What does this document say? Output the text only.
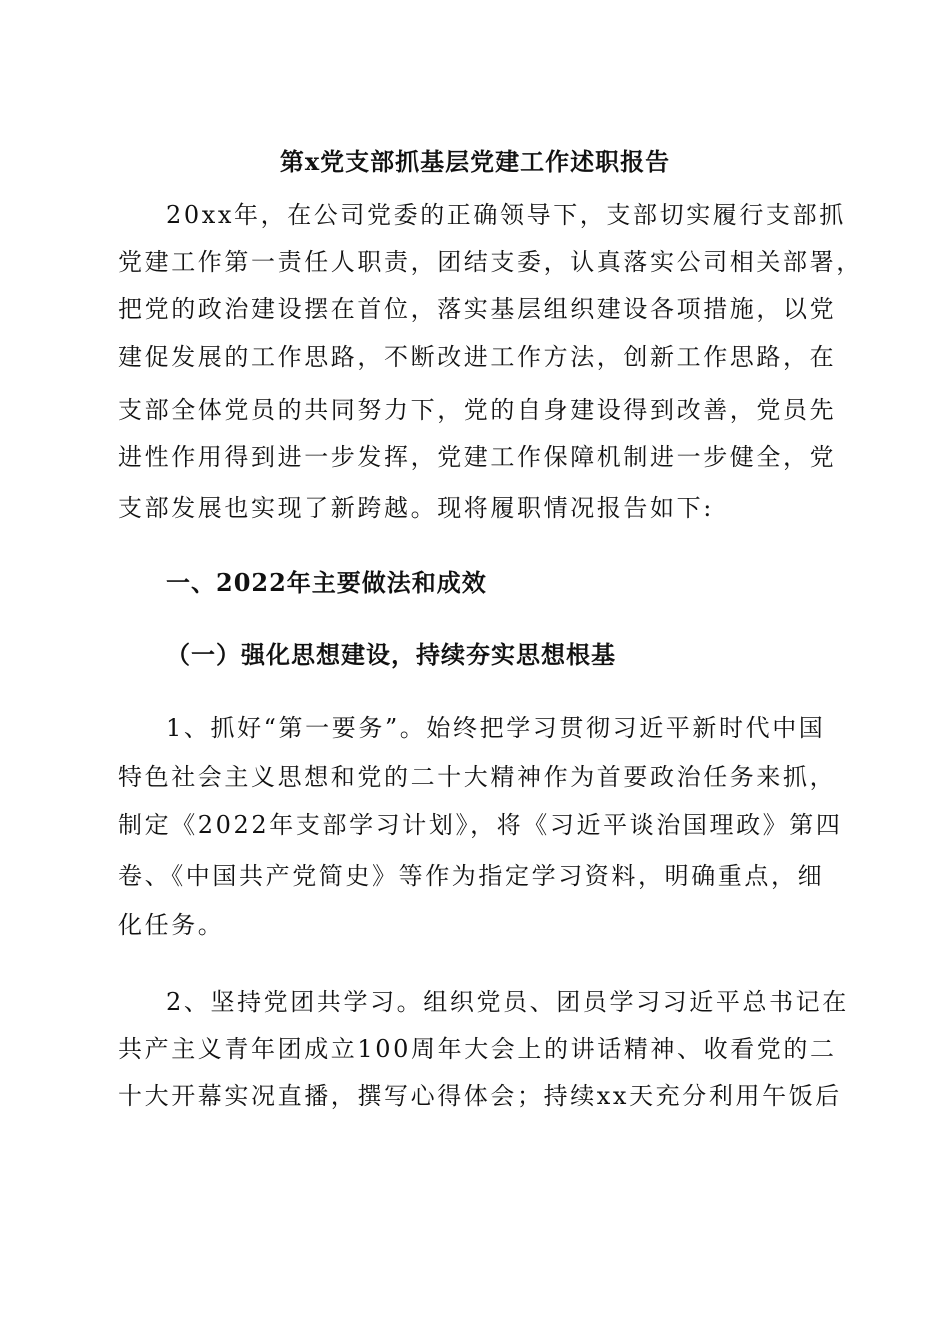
第x党支部抓基层党建工作述职报告
20xx年，在公司党委的正确领导下，支部切实履行支部抓
党建工作第一责任人职责，团结支委，认真落实公司相关部署，
把党的政治建设摆在首位，落实基层组织建设各项措施，以党
建促发展的工作思路，不断改进工作方法，创新工作思路，在
支部全体党员的共同努力下，党的自身建设得到改善，党员先
进性作用得到进一步发挥，党建工作保障机制进一步健全，党
支部发展也实现了新跨越。现将履职情况报告如下:
一、2022年主要做法和成效
（一）强化思想建设，持续夯实思想根基
1、抓好“第一要务”。始终把学习贯彻习近平新时代中国
特色社会主义思想和党的二十大精神作为首要政治任务来抓，
制定《2022年支部学习计划》，将《习近平谈治国理政》第四
卷、《中国共产党简史》等作为指定学习资料，明确重点，细
化任务。
2、坚持党团共学习。组织党员、团员学习习近平总书记在
共产主义青年团成立100周年大会上的讲话精神、收看党的二
十大开幕实况直播，撰写心得体会；持续xx天充分利用午饭后
